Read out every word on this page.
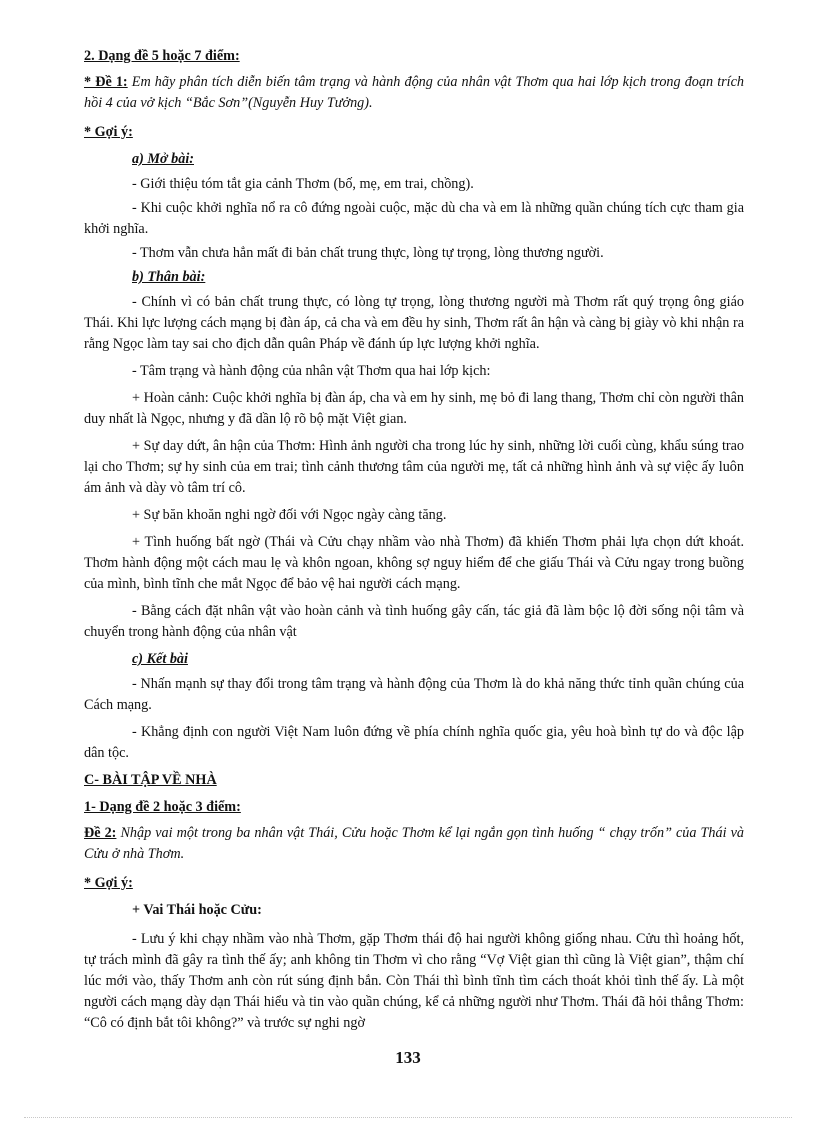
2. Dạng đề 5 hoặc 7 điểm:
* Đề 1: Em hãy phân tích diễn biến tâm trạng và hành động của nhân vật Thơm qua hai lớp kịch trong đoạn trích hồi 4 của vở kịch “Bắc Sơn”(Nguyễn Huy Tưởng).
* Gợi ý:
a) Mở bài:
- Giới thiệu tóm tắt gia cảnh Thơm (bố, mẹ, em trai, chồng).
- Khi cuộc khởi nghĩa nổ ra cô đứng ngoài cuộc, mặc dù cha và em là những quần chúng tích cực tham gia khởi nghĩa.
- Thơm vẫn chưa hẳn mất đi bản chất trung thực, lòng tự trọng, lòng thương người.
b) Thân bài:
- Chính vì có bản chất trung thực, có lòng tự trọng, lòng thương người mà Thơm rất quý trọng ông giáo Thái. Khi lực lượng cách mạng bị đàn áp, cả cha và em đều hy sinh, Thơm rất ân hận và càng bị giày vò khi nhận ra rằng Ngọc làm tay sai cho địch dẫn quân Pháp về đánh úp lực lượng khởi nghĩa.
- Tâm trạng và hành động của nhân vật Thơm qua hai lớp kịch:
+ Hoàn cảnh: Cuộc khởi nghĩa bị đàn áp, cha và em hy sinh, mẹ bỏ đi lang thang, Thơm chỉ còn người thân duy nhất là Ngọc, nhưng y đã dần lộ rõ bộ mặt Việt gian.
+ Sự day dứt, ân hận của Thơm: Hình ảnh người cha trong lúc hy sinh, những lời cuối cùng, khẩu súng trao lại cho Thơm; sự hy sinh của em trai; tình cảnh thương tâm của người mẹ, tất cả những hình ảnh và sự việc ấy luôn ám ảnh và dày vò tâm trí cô.
+ Sự băn khoăn nghi ngờ đối với Ngọc ngày càng tăng.
+ Tình huống bất ngờ (Thái và Cửu chạy nhầm vào nhà Thơm) đã khiến Thơm phải lựa chọn dứt khoát. Thơm hành động một cách mau lẹ và khôn ngoan, không sợ nguy hiểm để che giấu Thái và Cửu ngay trong buồng của mình, bình tĩnh che mắt Ngọc để bảo vệ hai người cách mạng.
- Bằng cách đặt nhân vật vào hoàn cảnh và tình huống gây cấn, tác giả đã làm bộc lộ đời sống nội tâm và chuyển trong hành động của nhân vật
c) Kết bài
- Nhấn mạnh sự thay đổi trong tâm trạng và hành động của Thơm là do khả năng thức tỉnh quần chúng của Cách mạng.
- Khẳng định con người Việt Nam luôn đứng về phía chính nghĩa quốc gia, yêu hoà bình tự do và độc lập dân tộc.
C- BÀI TẬP VỀ NHÀ
1- Dạng đề 2 hoặc 3 điểm:
Đề 2: Nhập vai một trong ba nhân vật Thái, Cửu hoặc Thơm kể lại ngắn gọn tình huống “ chạy trốn” của Thái và Cửu ở nhà Thơm.
* Gợi ý:
+ Vai Thái hoặc Cửu:
- Lưu ý khi chạy nhầm vào nhà Thơm, gặp Thơm thái độ hai người không giống nhau. Cửu thì hoảng hốt, tự trách mình đã gây ra tình thế ấy; anh không tin Thơm vì cho rằng “Vợ Việt gian thì cũng là Việt gian”, thậm chí lúc mới vào, thấy Thơm anh còn rút súng định bắn. Còn Thái thì bình tĩnh tìm cách thoát khỏi tình thế ấy. Là một người cách mạng dày dạn Thái hiểu và tin vào quần chúng, kể cả những người như Thơm. Thái đã hỏi thẳng Thơm: “Cô có định bắt tôi không?” và trước sự nghi ngờ
133
